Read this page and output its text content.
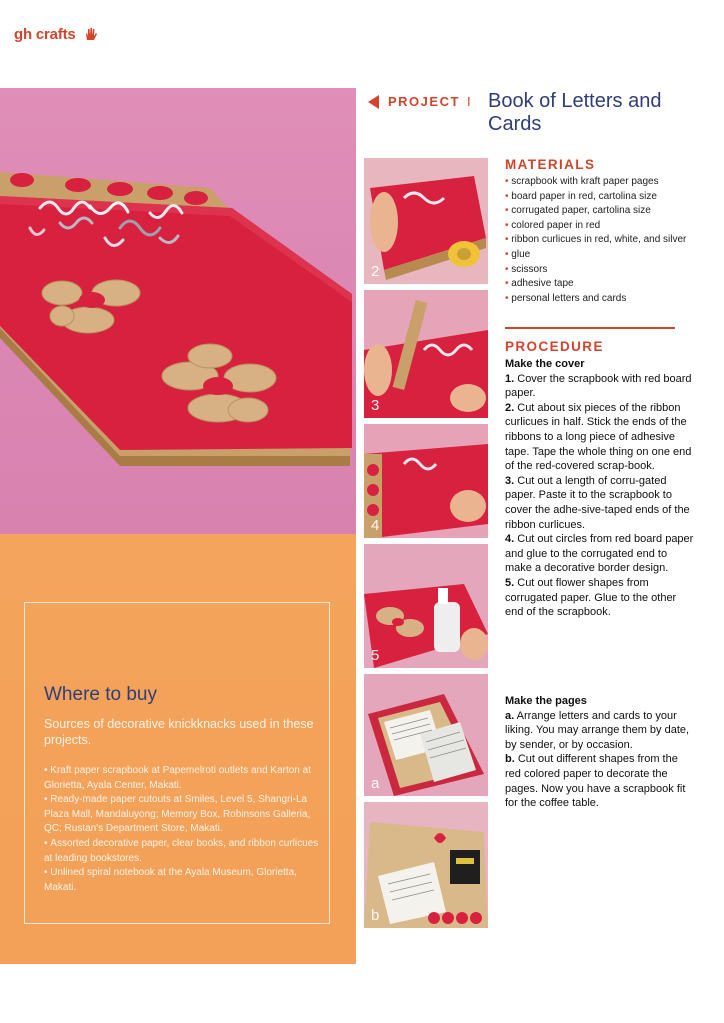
gh crafts
Where to buy
Sources of decorative knickknacks used in these projects.
• Kraft paper scrapbook at Papemelroti outlets and Karton at Glorietta, Ayala Center, Makati.
• Ready-made paper cutouts at Smiles, Level 5, Shangri-La Plaza Mall, Mandaluyong; Memory Box, Robinsons Galleria, QC; Rustan's Department Store, Makati.
• Assorted decorative paper, clear books, and ribbon curlicues at leading bookstores.
• Unlined spiral notebook at the Ayala Museum, Glorietta, Makati.
PROJECT I Book of Letters and Cards
2
3
4
5
a
b
MATERIALS
• scrapbook with kraft paper pages
• board paper in red, cartolina size
• corrugated paper, cartolina size
• colored paper in red
• ribbon curlicues in red, white, and silver
• glue
• scissors
• adhesive tape
• personal letters and cards
PROCEDURE
Make the cover
1. Cover the scrapbook with red board paper.
2. Cut about six pieces of the ribbon curlicues in half. Stick the ends of the ribbons to a long piece of adhesive tape. Tape the whole thing on one end of the red-covered scrap-book.
3. Cut out a length of corru-gated paper. Paste it to the scrapbook to cover the adhe-sive-taped ends of the ribbon curlicues.
4. Cut out circles from red board paper and glue to the corrugated end to make a decorative border design.
5. Cut out flower shapes from corrugated paper. Glue to the other end of the scrapbook.
Make the pages
a. Arrange letters and cards to your liking. You may arrange them by date, by sender, or by occasion.
b. Cut out different shapes from the red colored paper to decorate the pages. Now you have a scrapbook fit for the coffee table.
